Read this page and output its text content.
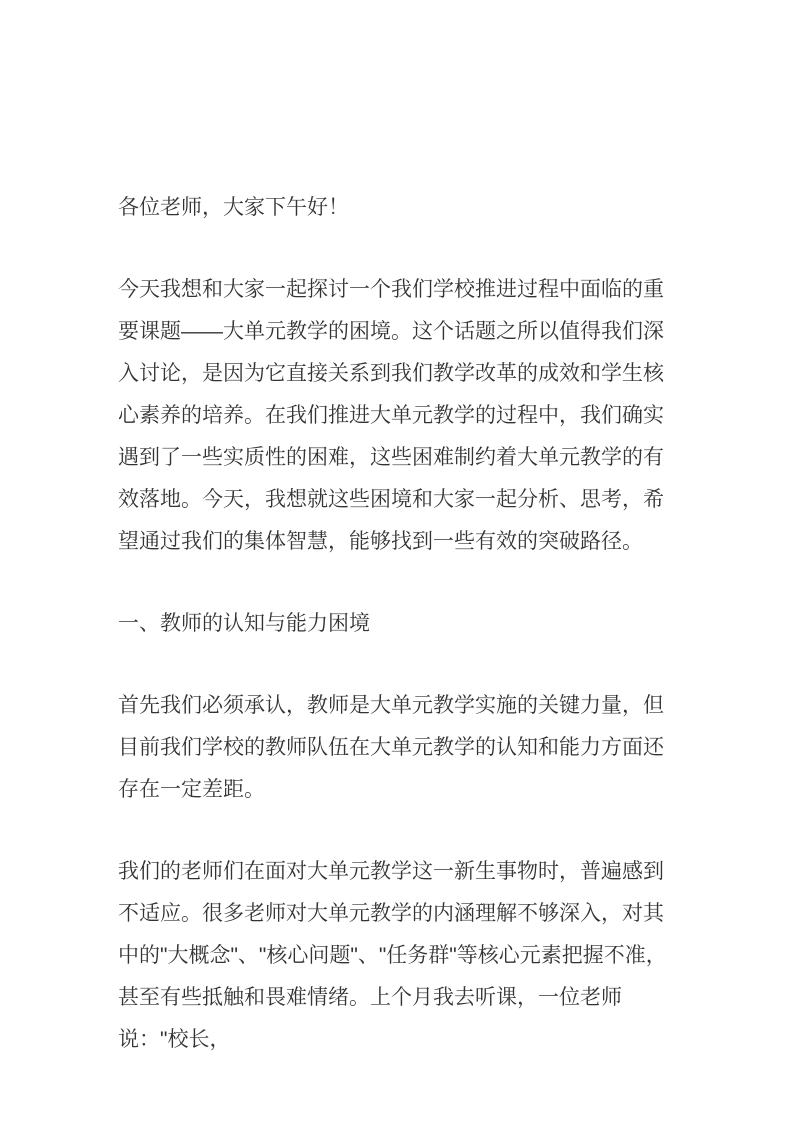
各位老师，大家下午好！

今天我想和大家一起探讨一个我们学校推进过程中面临的重要课题——大单元教学的困境。这个话题之所以值得我们深入讨论，是因为它直接关系到我们教学改革的成效和学生核心素养的培养。在我们推进大单元教学的过程中，我们确实遇到了一些实质性的困难，这些困难制约着大单元教学的有效落地。今天，我想就这些困境和大家一起分析、思考，希望通过我们的集体智慧，能够找到一些有效的突破路径。

一、教师的认知与能力困境

首先我们必须承认，教师是大单元教学实施的关键力量，但目前我们学校的教师队伍在大单元教学的认知和能力方面还存在一定差距。

我们的老师们在面对大单元教学这一新生事物时，普遍感到不适应。很多老师对大单元教学的内涵理解不够深入，对其中的"大概念"、"核心问题"、"任务群"等核心元素把握不准，甚至有些抵触和畏难情绪。上个月我去听课，一位老师说："校长，
